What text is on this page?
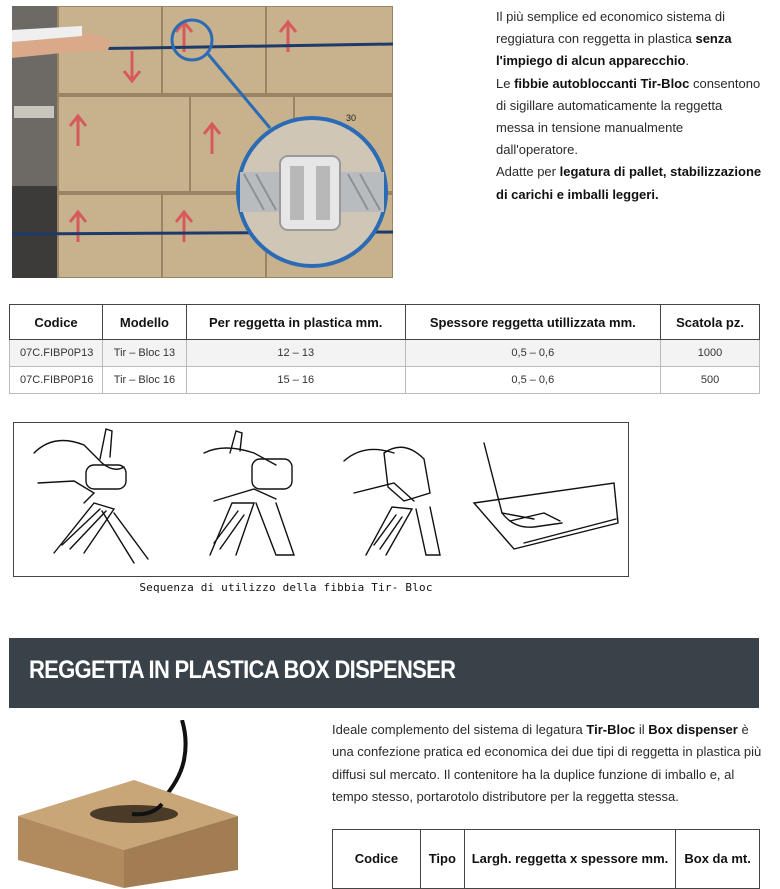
30
Il più semplice ed economico sistema di reggiatura con reggetta in plastica senza l'impiego di alcun apparecchio.
Le fibbie autobloccanti Tir-Bloc consentono di sigillare automaticamente la reggetta messa in tensione manualmente dall'operatore.
Adatte per legatura di pallet, stabilizzazione di carichi e imballi leggeri.
Codice	Modello	Per reggetta in plastica mm.	Spessore reggetta utillizzata mm.	Scatola pz.
07C.FIBP0P13	Tir – Bloc 13	12 – 13	0,5 – 0,6	1000
07C.FIBP0P16	Tir – Bloc 16	15 – 16	0,5 – 0,6	500
Sequenza di utilizzo della fibbia Tir- Bloc
REGGETTA IN PLASTICA BOX DISPENSER
Ideale complemento del sistema di legatura Tir-Bloc il Box dispenser è una confezione pratica ed economica dei due tipi di reggetta in plastica più diffusi sul mercato. Il contenitore ha la duplice funzione di imballo e, al tempo stesso, portarotolo distributore per la reggetta stessa.
Codice	Tipo	Largh. reggetta x spessore mm.	Box da mt.
